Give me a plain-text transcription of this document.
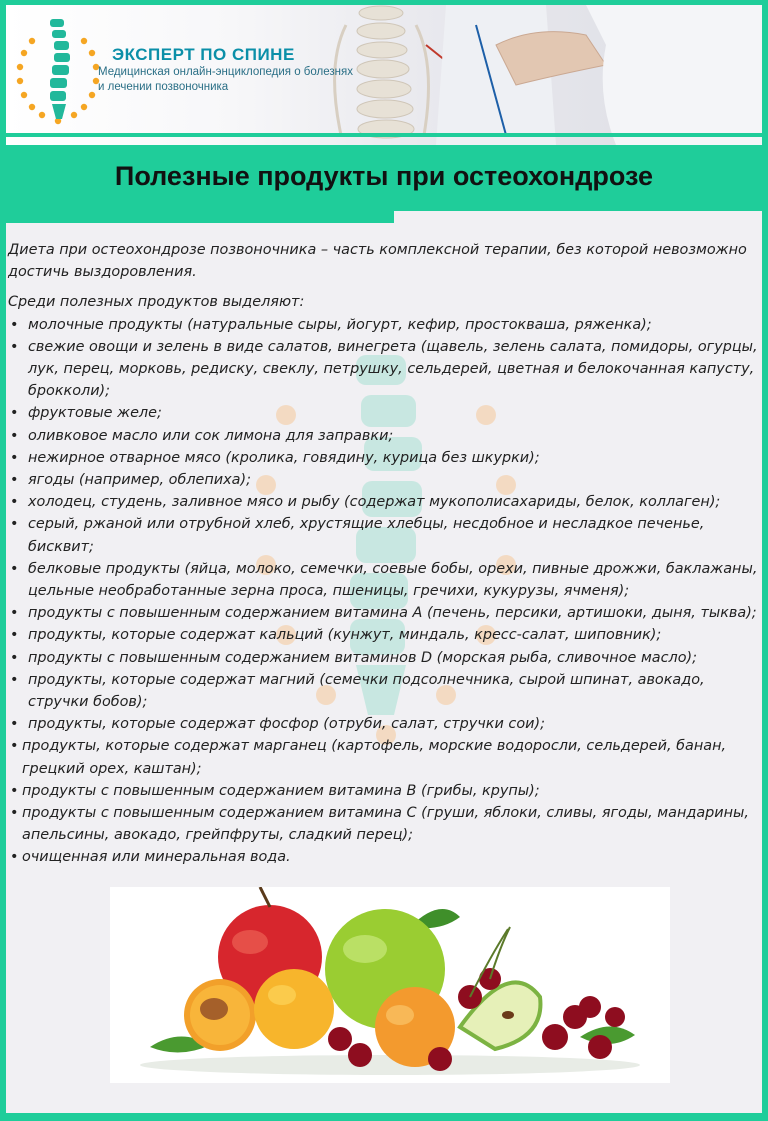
ЭКСПЕРТ ПО СПИНЕ
Медицинская онлайн-энциклопедия о болезнях и лечении позвоночника
Полезные продукты при остеохондрозе

Диета при остеохондрозе позвоночника – часть комплексной терапии, без которой невозможно достичь выздоровления.

Среди полезных продуктов выделяют:

• молочные продукты (натуральные сыры, йогурт, кефир, простокваша, ряженка);
• свежие овощи и зелень в виде салатов, винегрета (щавель, зелень салата, помидоры, огурцы, лук, перец, морковь, редиску, свеклу, петрушку, сельдерей, цветная и белокочанная капусту, брокколи);
• фруктовые желе;
• оливковое масло или сок лимона для заправки;
• нежирное отварное мясо (кролика, говядину, курица без шкурки);
• ягоды (например, облепиха);
• холодец, студень, заливное мясо и рыбу (содержат мукополисахариды, белок, коллаген);
• серый, ржаной или отрубной хлеб, хрустящие хлебцы, несдобное и несладкое печенье, бисквит;
• белковые продукты (яйца, молоко, семечки, соевые бобы, орехи, пивные дрожжи, баклажаны, цельные необработанные зерна проса, пшеницы, гречихи, кукурузы, ячменя);
• продукты с повышенным содержанием витамина А (печень, персики, артишоки, дыня, тыква);
• продукты, которые содержат кальций (кунжут, миндаль, кресс-салат, шиповник);
• продукты с повышенным содержанием витаминов D (морская рыба, сливочное масло);
• продукты, которые содержат магний (семечки подсолнечника, сырой шпинат, авокадо, стручки бобов);
• продукты, которые содержат фосфор (отруби, салат, стручки сои);
• продукты, которые содержат марганец (картофель, морские водоросли, сельдерей, банан, грецкий орех, каштан);
• продукты с повышенным содержанием витамина В (грибы, крупы);
• продукты с повышенным содержанием витамина С (груши, яблоки, сливы, ягоды, мандарины, апельсины, авокадо, грейпфруты, сладкий перец);
• очищенная или минеральная вода.
